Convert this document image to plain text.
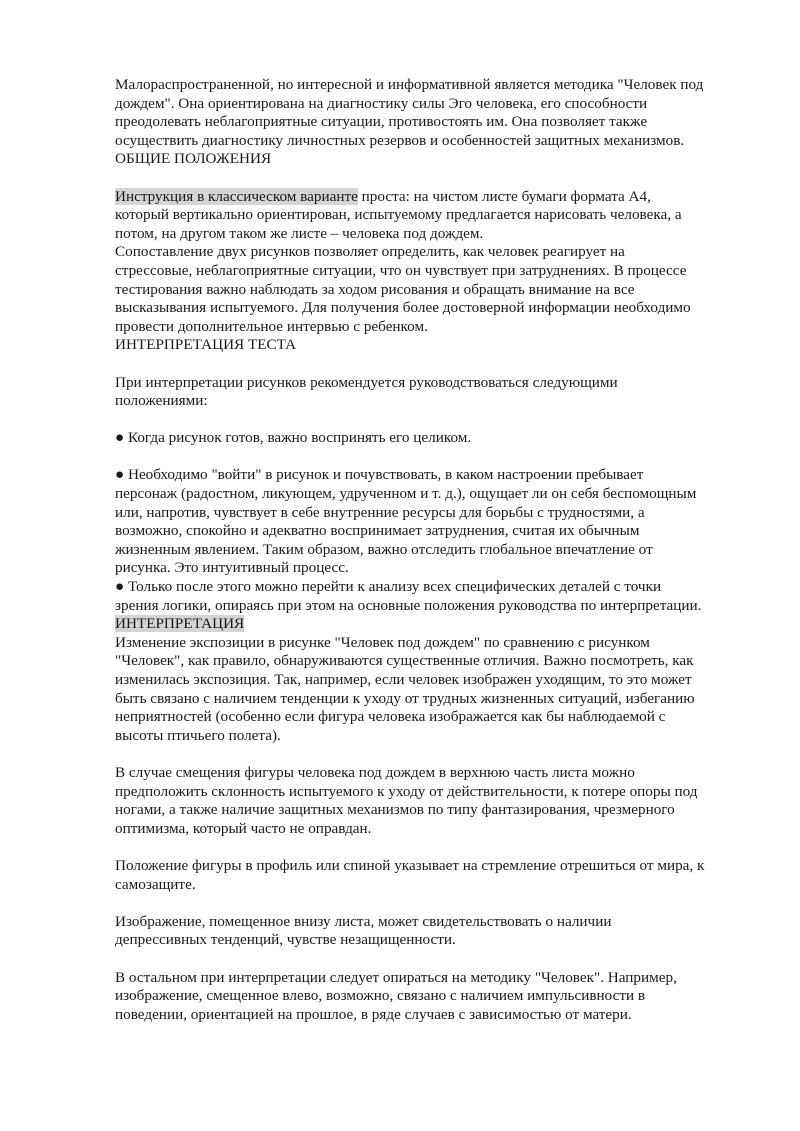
Малораспространенной, но интересной и информативной является методика "Человек под
дождем". Она ориентирована на диагностику силы Эго человека, его способности
преодолевать неблагоприятные ситуации, противостоять им. Она позволяет также
осуществить диагностику личностных резервов и особенностей защитных механизмов.
ОБЩИЕ ПОЛОЖЕНИЯ
Инструкция в классическом варианте проста: на чистом листе бумаги формата А4,
который вертикально ориентирован, испытуемому предлагается нарисовать человека, а
потом, на другом таком же листе – человека под дождем.
Сопоставление двух рисунков позволяет определить, как человек реагирует на
стрессовые, неблагоприятные ситуации, что он чувствует при затруднениях. В процессе
тестирования важно наблюдать за ходом рисования и обращать внимание на все
высказывания испытуемого. Для получения более достоверной информации необходимо
провести дополнительное интервью с ребенком.
ИНТЕРПРЕТАЦИЯ ТЕСТА
При интерпретации рисунков рекомендуется руководствоваться следующими
положениями:
● Когда рисунок готов, важно воспринять его целиком.
● Необходимо "войти" в рисунок и почувствовать, в каком настроении пребывает
персонаж (радостном, ликующем, удрученном и т. д.), ощущает ли он себя беспомощным
или, напротив, чувствует в себе внутренние ресурсы для борьбы с трудностями, а
возможно, спокойно и адекватно воспринимает затруднения, считая их обычным
жизненным явлением. Таким образом, важно отследить глобальное впечатление от
рисунка. Это интуитивный процесс.
● Только после этого можно перейти к анализу всех специфических деталей с точки
зрения логики, опираясь при этом на основные положения руководства по интерпретации.
ИНТЕРПРЕТАЦИЯ
Изменение экспозиции в рисунке "Человек под дождем" по сравнению с рисунком
"Человек", как правило, обнаруживаются существенные отличия. Важно посмотреть, как
изменилась экспозиция. Так, например, если человек изображен уходящим, то это может
быть связано с наличием тенденции к уходу от трудных жизненных ситуаций, избеганию
неприятностей (особенно если фигура человека изображается как бы наблюдаемой с
высоты птичьего полета).
В случае смещения фигуры человека под дождем в верхнюю часть листа можно
предположить склонность испытуемого к уходу от действительности, к потере опоры под
ногами, а также наличие защитных механизмов по типу фантазирования, чрезмерного
оптимизма, который часто не оправдан.
Положение фигуры в профиль или спиной указывает на стремление отрешиться от мира, к
самозащите.
Изображение, помещенное внизу листа, может свидетельствовать о наличии
депрессивных тенденций, чувстве незащищенности.
В остальном при интерпретации следует опираться на методику "Человек". Например,
изображение, смещенное влево, возможно, связано с наличием импульсивности в
поведении, ориентацией на прошлое, в ряде случаев с зависимостью от матери.
